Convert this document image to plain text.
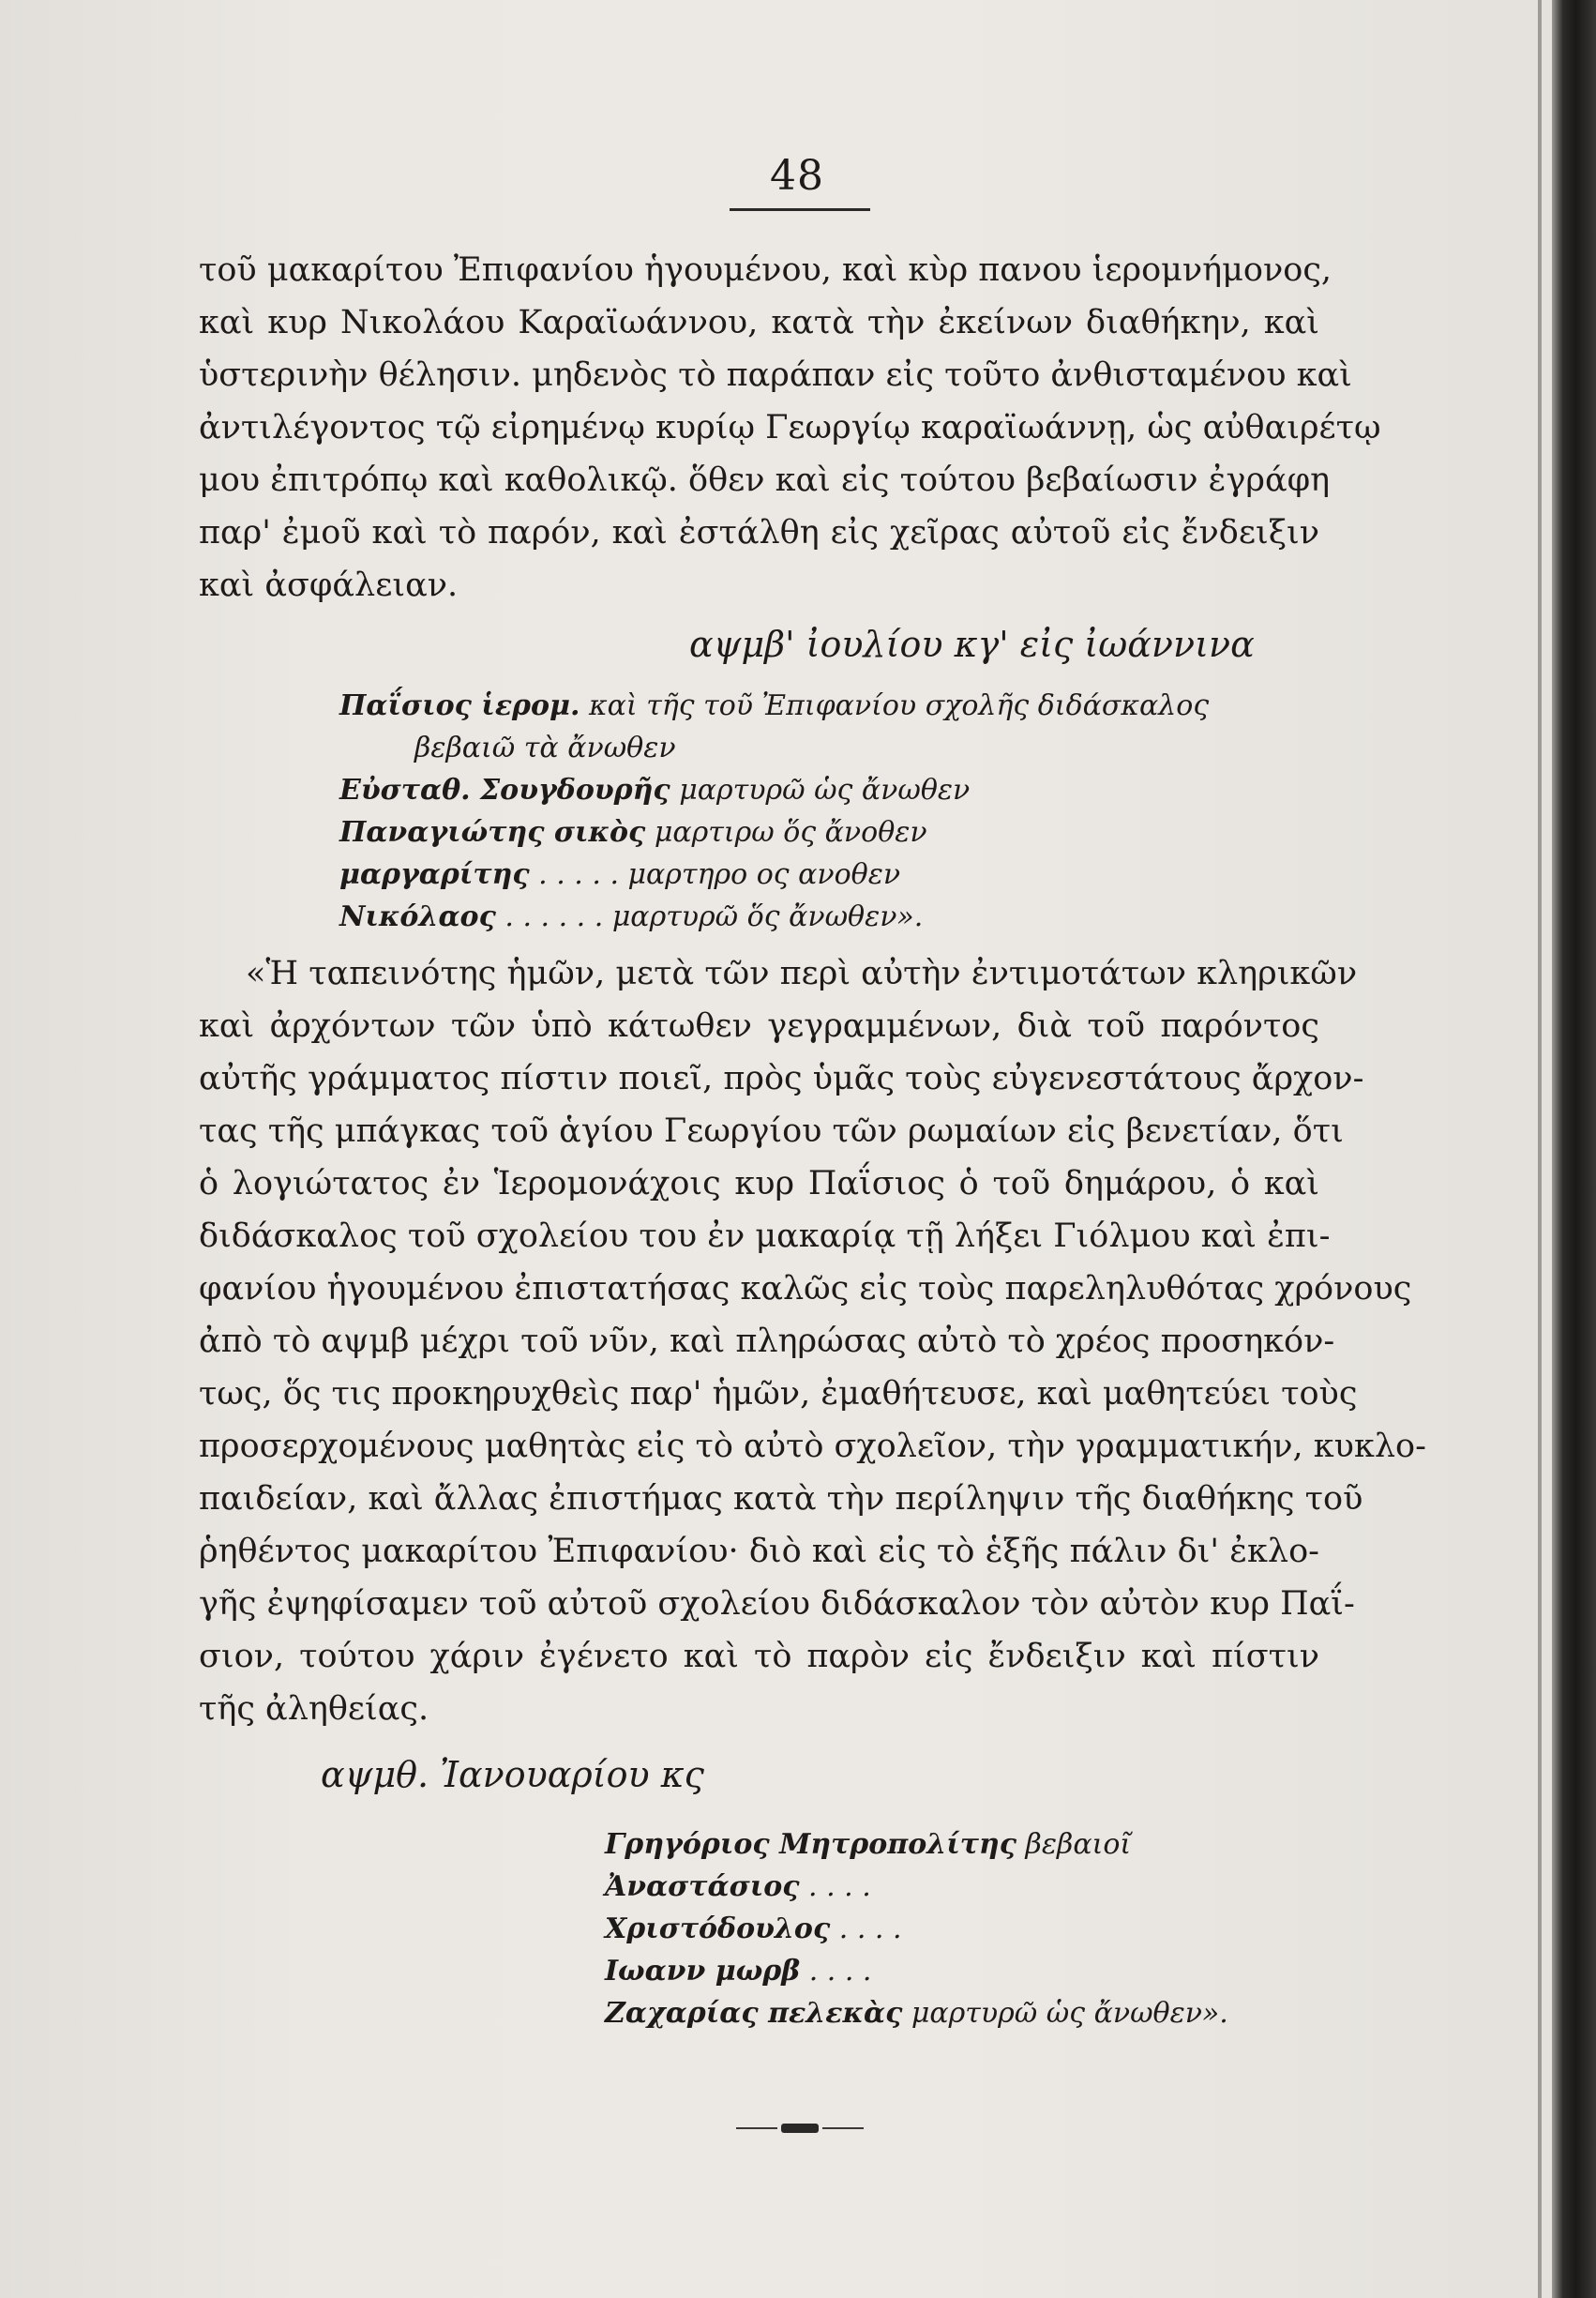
48
τοῦ μακαρίτου Ἐπιφανίου ἡγουμένου, καὶ κὺρ πανου ἱερομνήμονος,
καὶ κυρ Νικολάου Καραϊωάννου, κατὰ τὴν ἐκείνων διαθήκην, καὶ
ὑστερινὴν θέλησιν. μηδενὸς τὸ παράπαν εἰς τοῦτο ἀνθισταμένου καὶ
ἀντιλέγοντος τῷ εἰρημένῳ κυρίῳ Γεωργίῳ καραϊωάννῃ, ὡς αὐθαιρέτῳ
μου ἐπιτρόπῳ καὶ καθολικῷ. ὅθεν καὶ εἰς τούτου βεβαίωσιν ἐγράφη
παρ' ἐμοῦ καὶ τὸ παρόν, καὶ ἐστάλθη εἰς χεῖρας αὐτοῦ εἰς ἔνδειξιν
καὶ ἀσφάλειαν.
αψμβ' ἰουλίου κγ' εἰς ἰωάννινα
Παΐσιος ἱερομ. καὶ τῆς τοῦ Ἐπιφανίου σχολῆς διδάσκαλος
βεβαιῶ τὰ ἄνωθεν
Εὐσταθ. Σουγδουρῆς μαρτυρῶ ὡς ἄνωθεν
Παναγιώτης σικὸς μαρτιρω ὅς ἄνοθεν
μαργαρίτης . . . . . μαρτηρο ος ανοθεν
Νικόλαος . . . . . . μαρτυρῶ ὅς ἄνωθεν».
«Ἡ ταπεινότης ἡμῶν, μετὰ τῶν περὶ αὐτὴν ἐντιμοτάτων κληρικῶν
καὶ ἀρχόντων τῶν ὑπὸ κάτωθεν γεγραμμένων, διὰ τοῦ παρόντος
αὐτῆς γράμματος πίστιν ποιεῖ, πρὸς ὑμᾶς τοὺς εὐγενεστάτους ἄρχον-
τας τῆς μπάγκας τοῦ ἁγίου Γεωργίου τῶν ρωμαίων εἰς βενετίαν, ὅτι
ὁ λογιώτατος ἐν Ἱερομονάχοις κυρ Παΐσιος ὁ τοῦ δημάρου, ὁ καὶ
διδάσκαλος τοῦ σχολείου του ἐν μακαρίᾳ τῇ λήξει Γιόλμου καὶ ἐπι-
φανίου ἡγουμένου ἐπιστατήσας καλῶς εἰς τοὺς παρεληλυθότας χρόνους
ἀπὸ τὸ αψμβ μέχρι τοῦ νῦν, καὶ πληρώσας αὐτὸ τὸ χρέος προσηκόν-
τως, ὅς τις προκηρυχθεὶς παρ' ἡμῶν, ἐμαθήτευσε, καὶ μαθητεύει τοὺς
προσερχομένους μαθητὰς εἰς τὸ αὐτὸ σχολεῖον, τὴν γραμματικήν, κυκλο-
παιδείαν, καὶ ἄλλας ἐπιστήμας κατὰ τὴν περίληψιν τῆς διαθήκης τοῦ
ῥηθέντος μακαρίτου Ἐπιφανίου· διὸ καὶ εἰς τὸ ἑξῆς πάλιν δι' ἐκλο-
γῆς ἐψηφίσαμεν τοῦ αὐτοῦ σχολείου διδάσκαλον τὸν αὐτὸν κυρ Παΐ-
σιον, τούτου χάριν ἐγένετο καὶ τὸ παρὸν εἰς ἔνδειξιν καὶ πίστιν
τῆς ἀληθείας.
αψμθ. Ἰανουαρίου κς
Γρηγόριος Μητροπολίτης βεβαιοῖ
Ἀναστάσιος . . . .
Χριστόδουλος . . . .
Ιωανν μωρβ . . . .
Ζαχαρίας πελεκὰς μαρτυρῶ ὡς ἄνωθεν».
